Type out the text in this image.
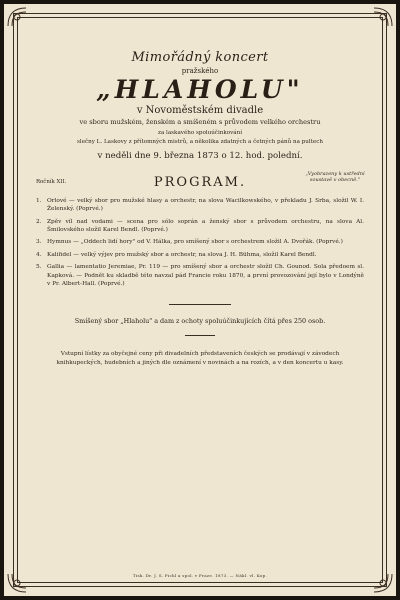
Mimořádný koncert

pražského

„HLAHOLU"

v Novoměstském divadle

ve sboru mužském, ženském a smíšeném s průvodem velkého orchestru

za laskavého spoluúčinkování

slečny L. Laskovy z přítomných mistrů, a několika zdatných a četných pánů na pultech

v neděli dne 9. března 1873 o 12. hod. polední.

Ročník XII.	PROGRAM.
„Vyobrazeny k ustřední soustavě v obecně."
1. Orlové — velký sbor pro mužské hlasy a orchestr, na slova Wacilkowského, v překladu J. Srba, složil W. I. Želenský. (Poprvé.)
2. Zpěv víl nad vodami — scena pro sólo soprán a ženský sbor s průvodem orchestru, na slova Al. Šmilovského složil Karel Bendl. (Poprvé.)
3. Hymnus — „Oddech lidí hory" od V. Hálka, pro smíšený sbor s orchestrem složil A. Dvořák. (Poprvé.)
4. Kalifidel — velký výjev pro mužský sbor a orchestr, na slova J. H. Bühma, složil Karel Bendl.
5. Gallia — lamentatio Jeremiae, Pr. 119 — pro smíšený sbor a orchestr složil Ch. Gounod. Sola předoem sl. Kapková. — Podnět ku skladbě této navzal pád Francie roku 1870, a první provozování její bylo v Londýně v Pr. Albert-Hall. (Poprvé.)

Smíšený sbor „Hlaholu" a dam z ochoty spoluúčinkujících čítá přes 250 osob.

Vstupní lístky za obyčejné ceny při divadelních představeních českých se prodávají v závodech knihkupeckých, hudebních a jiných dle oznámení v novinách a na rozích, a v den koncertu u kasy.

Tisk. Dr. J. S. Pichl a spol. v Praze. 1873. — Nákl. vl. Kop.
